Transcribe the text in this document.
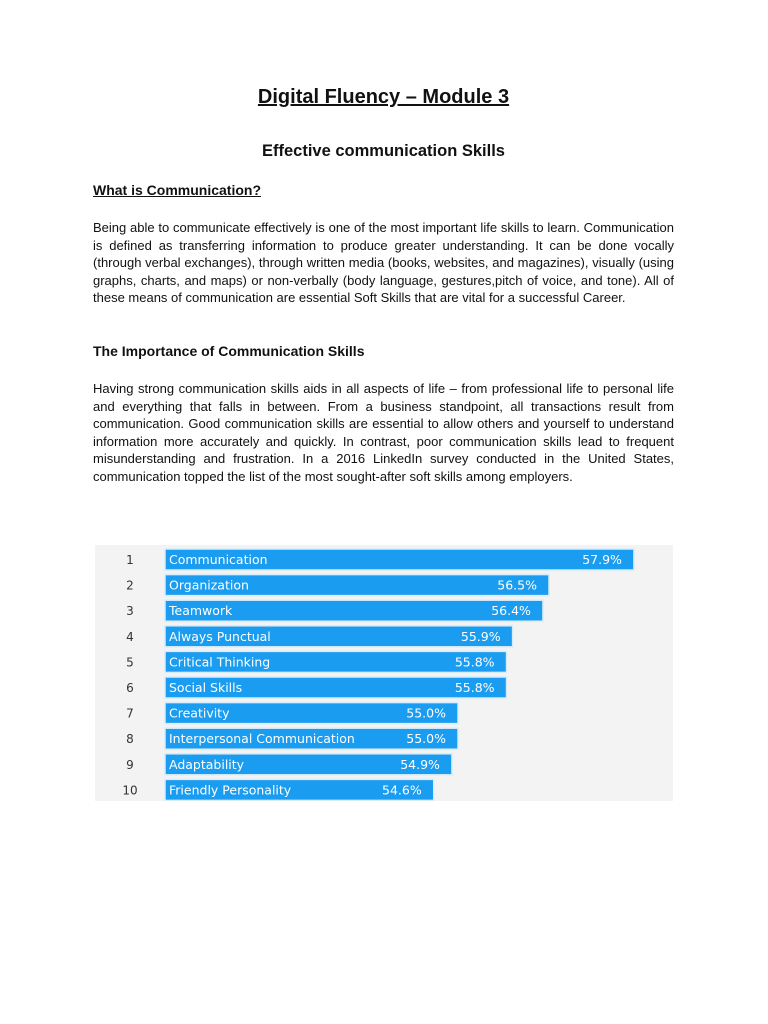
Digital Fluency – Module 3
Effective communication Skills
What is Communication?

Being able to communicate effectively is one of the most important life skills to learn. Communication is defined as transferring information to produce greater understanding. It can be done vocally (through verbal exchanges), through written media (books, websites, and magazines), visually (using graphs, charts, and maps) or non-verbally (body language, gestures,pitch of voice, and tone). All of these means of communication are essential Soft Skills that are vital for a successful Career.

The Importance of Communication Skills

Having strong communication skills aids in all aspects of life – from professional life to personal life and everything that falls in between. From a business standpoint, all transactions result from communication. Good communication skills are essential to allow others and yourself to understand information more accurately and quickly. In contrast, poor communication skills lead to frequent misunderstanding and frustration. In a 2016 LinkedIn survey conducted in the United States, communication topped the list of the most sought-after soft skills among employers.

1	Communication	57.9%
2	Organization	56.5%
3	Teamwork	56.4%
4	Always Punctual	55.9%
5	Critical Thinking	55.8%
6	Social Skills	55.8%
7	Creativity	55.0%
8	Interpersonal Communication	55.0%
9	Adaptability	54.9%
10	Friendly Personality	54.6%
